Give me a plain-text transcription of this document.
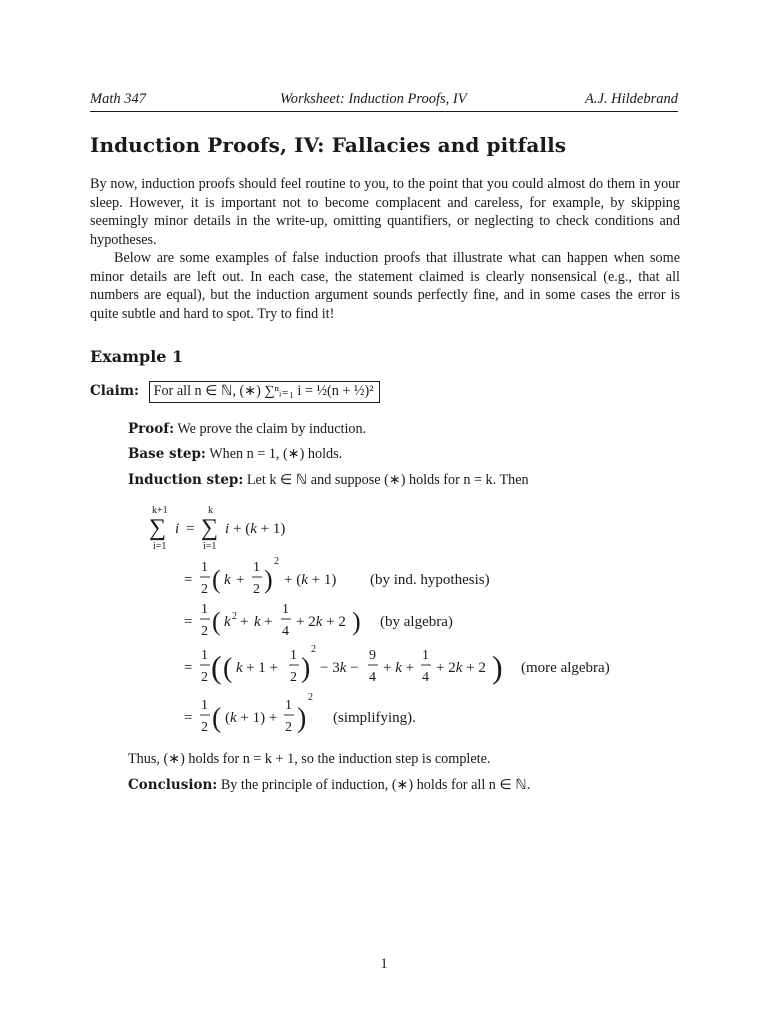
Math 347	Worksheet: Induction Proofs, IV	A.J. Hildebrand
Induction Proofs, IV: Fallacies and pitfalls
By now, induction proofs should feel routine to you, to the point that you could almost do them in your sleep. However, it is important not to become complacent and careless, for example, by skipping seemingly minor details in the write-up, omitting quantifiers, or neglecting to check conditions and hypotheses.
Below are some examples of false induction proofs that illustrate what can happen when some minor details are left out. In each case, the statement claimed is clearly nonsensical (e.g., that all numbers are equal), but the induction argument sounds perfectly fine, and in some cases the error is quite subtle and hard to spot. Try to find it!
Example 1
Claim: For all n ∈ ℕ, (∗) ∑ⁿᵢ₌₁ i = ½(n + ½)²
Proof: We prove the claim by induction.
Base step: When n = 1, (∗) holds.
Induction step: Let k ∈ ℕ and suppose (∗) holds for n = k. Then
k+1
∑
i=1
i =
k
∑
i=1
i + (k + 1)
=
1
2 ( k +
1
2 )
2
+ (k + 1) (by ind. hypothesis)
=
1
2 ( k 2 + k +
1
4
+ 2k + 2 ) (by algebra)
=
1
2 ( ( k + 1 +
1
2 )
2
− 3k −
9
4
+ k +
1
4
+ 2k + 2 ) (more algebra)
=
1
2 ( (k + 1) +
1
2 )
2
(simplifying).
Thus, (∗) holds for n = k + 1, so the induction step is complete.
Conclusion: By the principle of induction, (∗) holds for all n ∈ ℕ.
1
